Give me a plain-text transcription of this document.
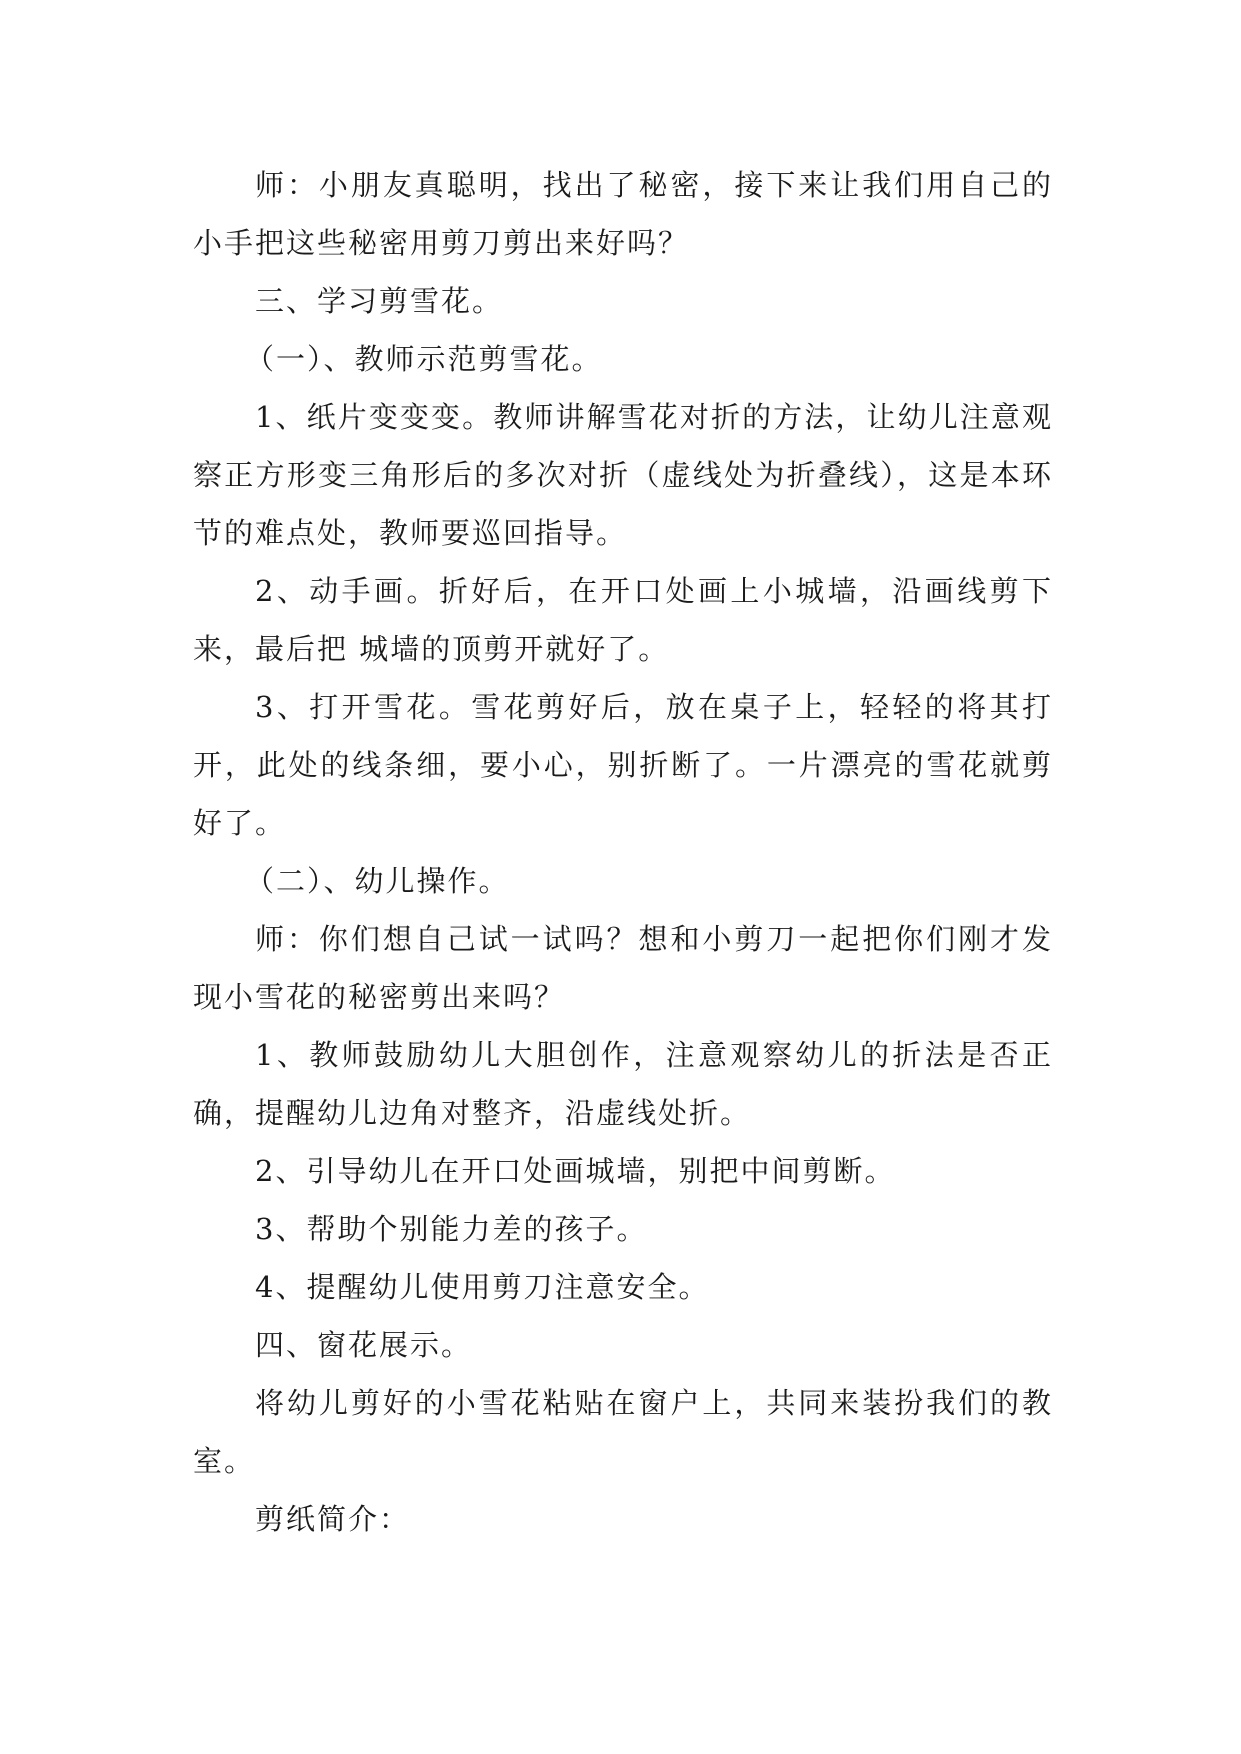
师：小朋友真聪明，找出了秘密，接下来让我们用自己的小手把这些秘密用剪刀剪出来好吗？

三、学习剪雪花。

（一）、教师示范剪雪花。

1、纸片变变变。教师讲解雪花对折的方法，让幼儿注意观察正方形变三角形后的多次对折（虚线处为折叠线），这是本环节的难点处，教师要巡回指导。

2、动手画。折好后，在开口处画上小城墙，沿画线剪下来，最后把 城墙的顶剪开就好了。

3、打开雪花。雪花剪好后，放在桌子上，轻轻的将其打开，此处的线条细，要小心，别折断了。一片漂亮的雪花就剪好了。

（二）、幼儿操作。

师：你们想自己试一试吗？想和小剪刀一起把你们刚才发现小雪花的秘密剪出来吗？

1、教师鼓励幼儿大胆创作，注意观察幼儿的折法是否正确，提醒幼儿边角对整齐，沿虚线处折。

2、引导幼儿在开口处画城墙，别把中间剪断。

3、帮助个别能力差的孩子。

4、提醒幼儿使用剪刀注意安全。

四、窗花展示。

将幼儿剪好的小雪花粘贴在窗户上，共同来装扮我们的教室。

剪纸简介：
